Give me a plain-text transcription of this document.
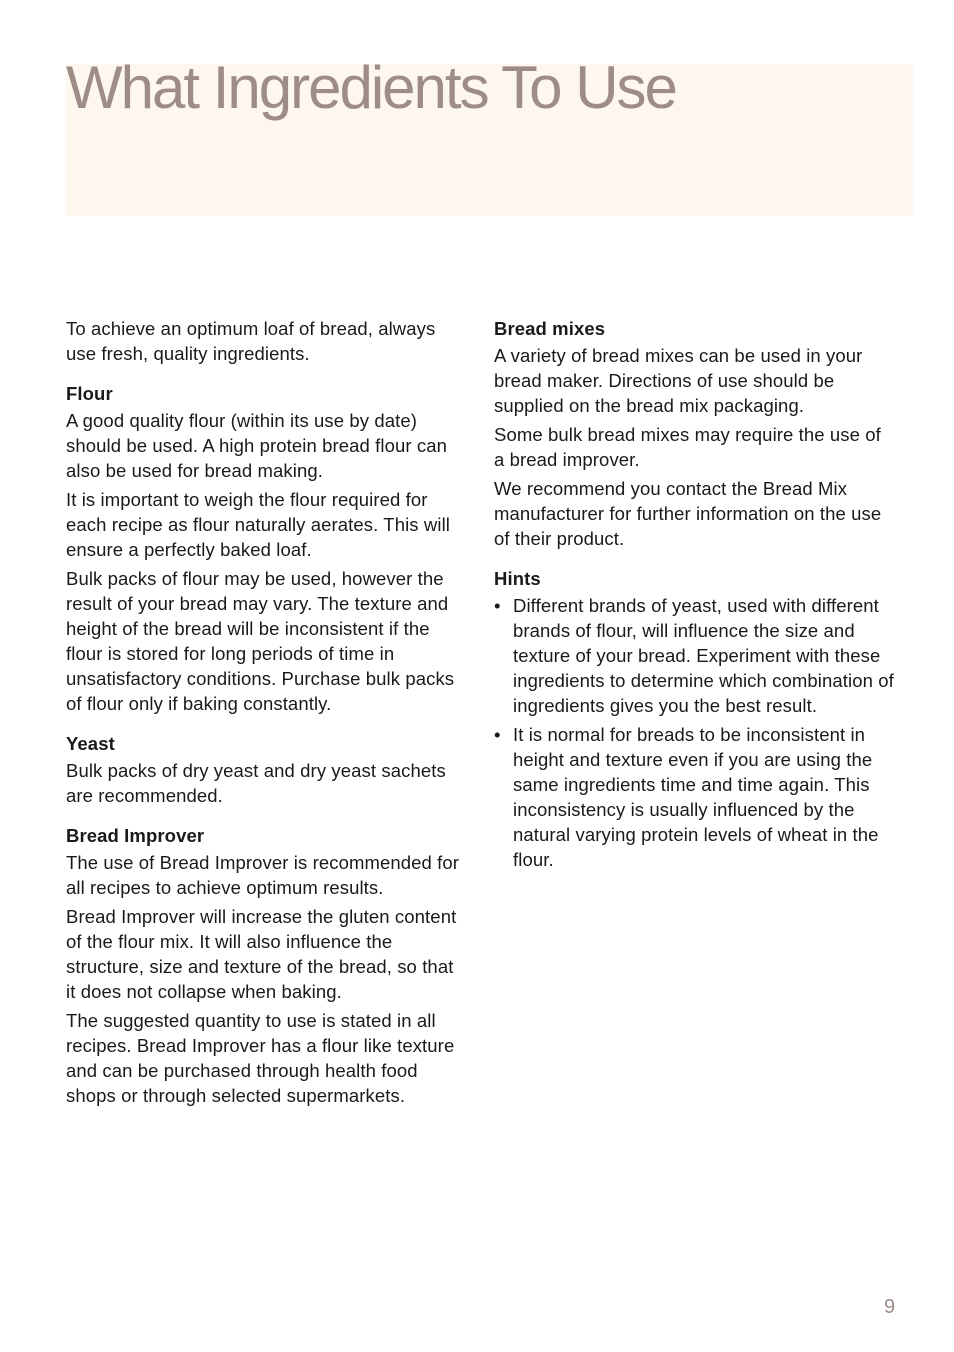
What Ingredients To Use

To achieve an optimum loaf of bread, always use fresh, quality ingredients.

Flour

A good quality flour (within its use by date) should be used. A high protein bread flour can also be used for bread making.

It is important to weigh the flour required for each recipe as flour naturally aerates. This will ensure a perfectly baked loaf.

Bulk packs of flour may be used, however the result of your bread may vary. The texture and height of the bread will be inconsistent if the flour is stored for long periods of time in unsatisfactory conditions. Purchase bulk packs of flour only if baking constantly.

Yeast

Bulk packs of dry yeast and dry yeast sachets are recommended.

Bread Improver

The use of Bread Improver is recommended for all recipes to achieve optimum results.

Bread Improver will increase the gluten content of the flour mix. It will also influence the structure, size and texture of the bread, so that it does not collapse when baking.

The suggested quantity to use is stated in all recipes. Bread Improver has a flour like texture and can be purchased through health food shops or through selected supermarkets.

Bread mixes

A variety of bread mixes can be used in your bread maker. Directions of use should be supplied on the bread mix packaging.

Some bulk bread mixes may require the use of a bread improver.

We recommend you contact the Bread Mix manufacturer for further information on the use of their product.

Hints
• Different brands of yeast, used with different brands of flour, will influence the size and texture of your bread. Experiment with these ingredients to determine which combination of ingredients gives you the best result.
• It is normal for breads to be inconsistent in height and texture even if you are using the same ingredients time and time again. This inconsistency is usually influenced by the natural varying protein levels of wheat in the flour.
9
